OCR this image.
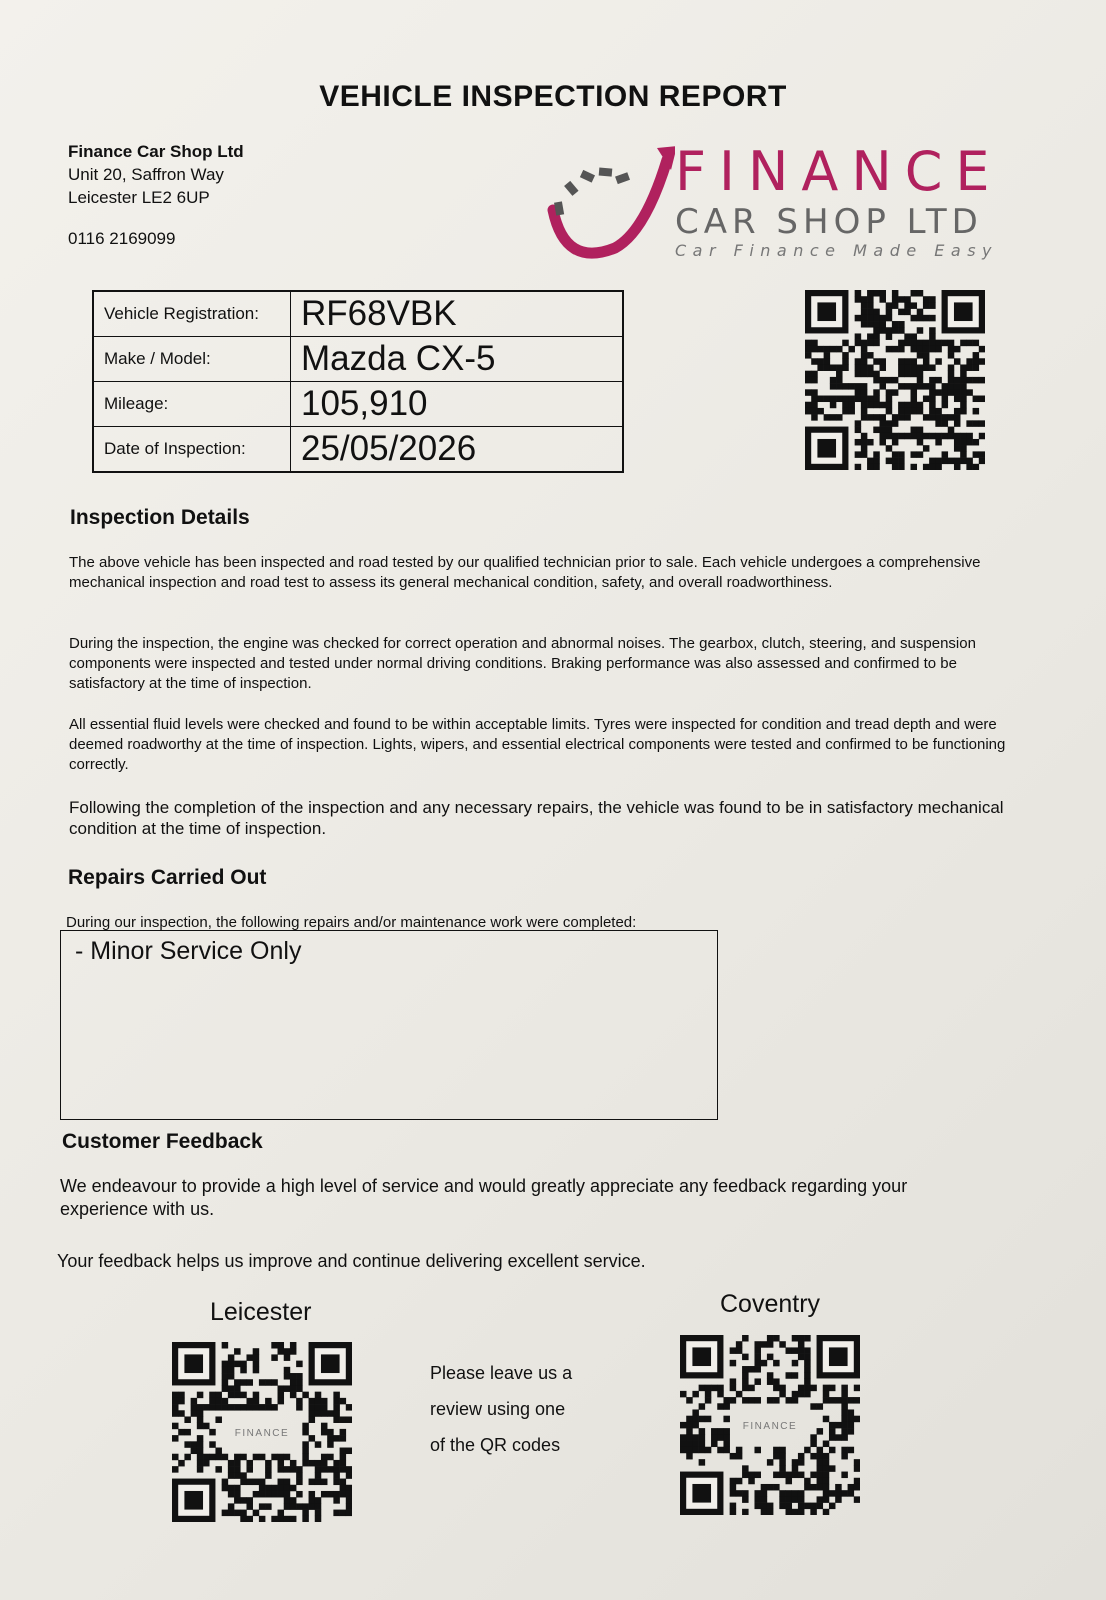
VEHICLE INSPECTION REPORT
Finance Car Shop Ltd
Unit 20, Saffron Way
Leicester LE2 6UP
0116 2169099
FINANCE
CAR SHOP LTD
Car Finance Made Easy
Vehicle Registration:	RF68VBK
Make / Model:	Mazda CX-5
Mileage:	105,910
Date of Inspection:	25/05/2026
Inspection Details
The above vehicle has been inspected and road tested by our qualified technician prior to sale. Each vehicle undergoes a comprehensive mechanical inspection and road test to assess its general mechanical condition, safety, and overall roadworthiness.
During the inspection, the engine was checked for correct operation and abnormal noises. The gearbox, clutch, steering, and suspension components were inspected and tested under normal driving conditions. Braking performance was also assessed and confirmed to be satisfactory at the time of inspection.
All essential fluid levels were checked and found to be within acceptable limits. Tyres were inspected for condition and tread depth and were deemed roadworthy at the time of inspection. Lights, wipers, and essential electrical components were tested and confirmed to be functioning correctly.
Following the completion of the inspection and any necessary repairs, the vehicle was found to be in satisfactory mechanical condition at the time of inspection.
Repairs Carried Out
During our inspection, the following repairs and/or maintenance work were completed:
- Minor Service Only
Customer Feedback
We endeavour to provide a high level of service and would greatly appreciate any feedback regarding your experience with us.
Your feedback helps us improve and continue delivering excellent service.
Leicester	Coventry
FINANCE
FINANCE
Please leave us a
review using one
of the QR codes
